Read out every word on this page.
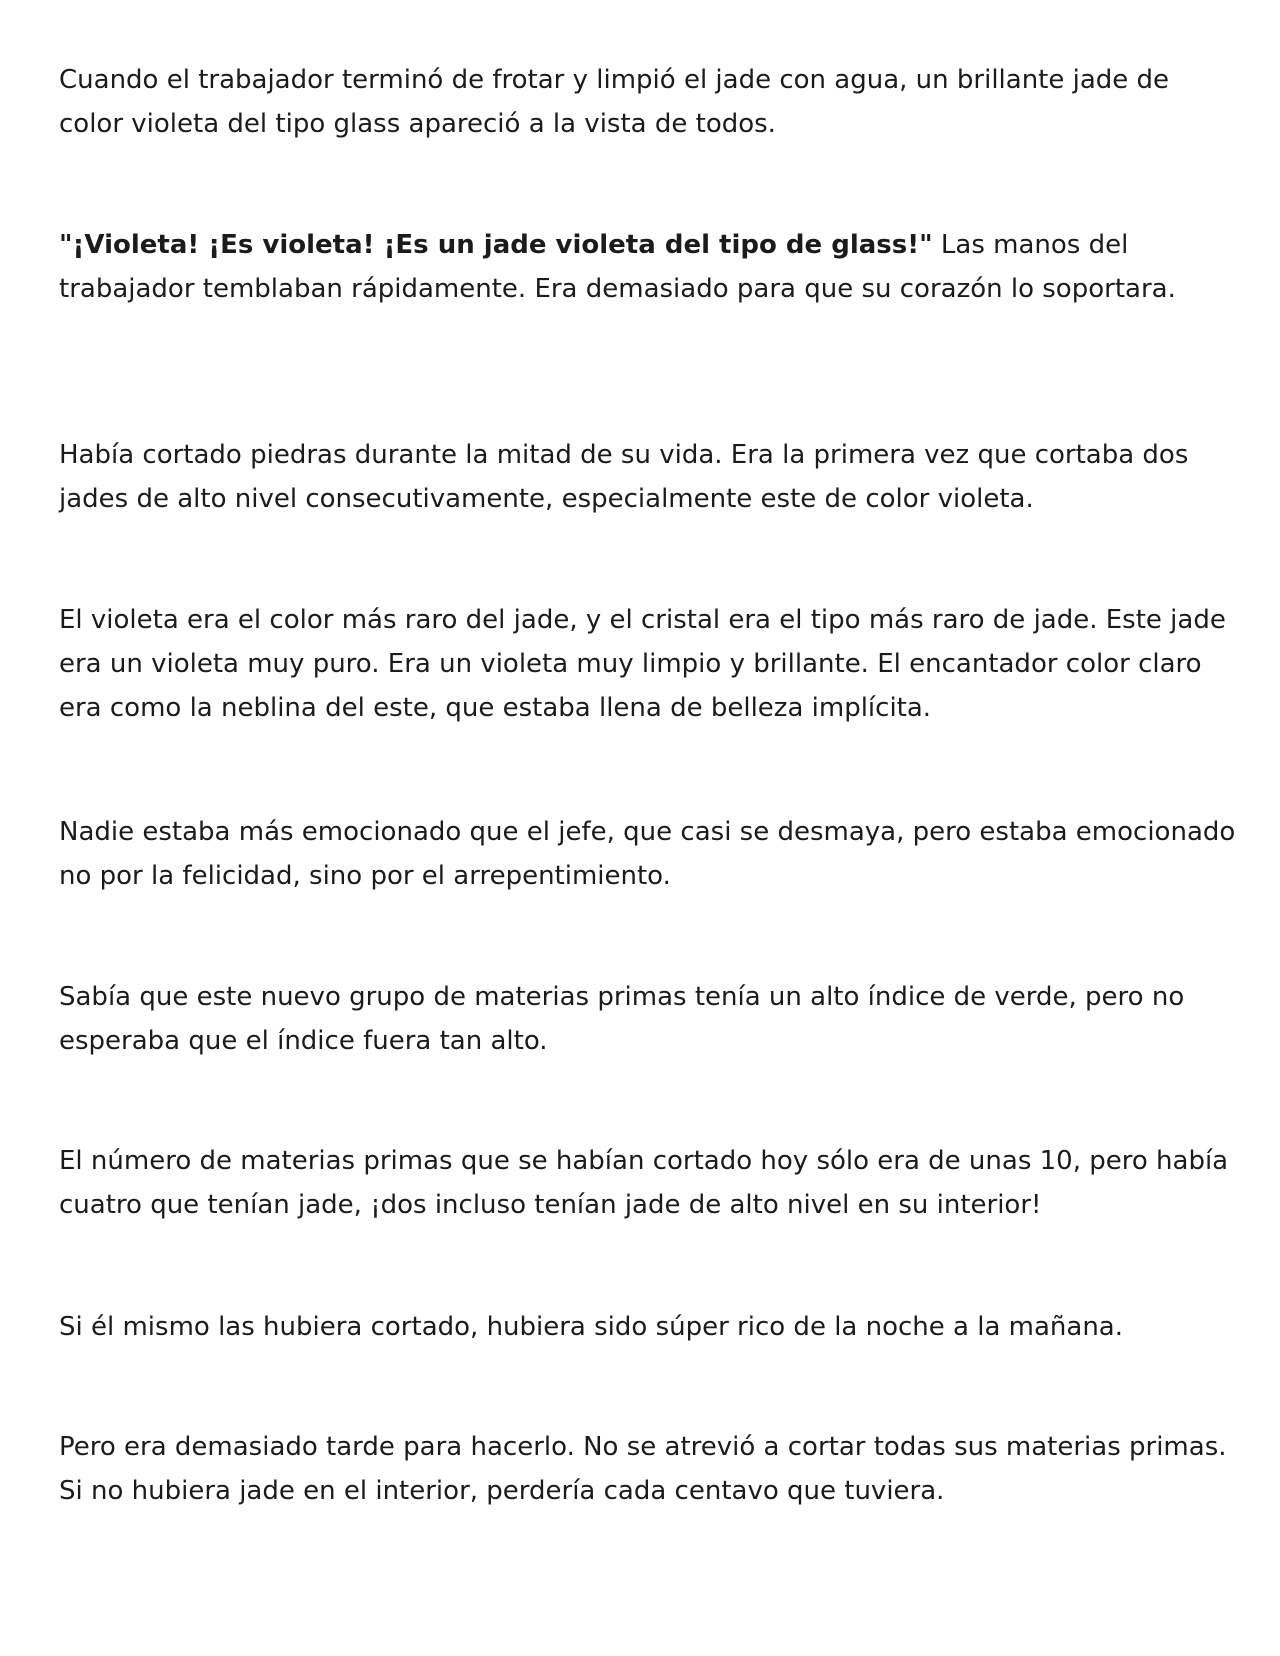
Cuando el trabajador terminó de frotar y limpió el jade con agua, un brillante jade de color violeta del tipo glass apareció a la vista de todos.

"¡Violeta! ¡Es violeta! ¡Es un jade violeta del tipo de glass!" Las manos del trabajador temblaban rápidamente. Era demasiado para que su corazón lo soportara.

Había cortado piedras durante la mitad de su vida. Era la primera vez que cortaba dos jades de alto nivel consecutivamente, especialmente este de color violeta.

El violeta era el color más raro del jade, y el cristal era el tipo más raro de jade. Este jade era un violeta muy puro. Era un violeta muy limpio y brillante. El encantador color claro era como la neblina del este, que estaba llena de belleza implícita.

Nadie estaba más emocionado que el jefe, que casi se desmaya, pero estaba emocionado no por la felicidad, sino por el arrepentimiento.

Sabía que este nuevo grupo de materias primas tenía un alto índice de verde, pero no esperaba que el índice fuera tan alto.

El número de materias primas que se habían cortado hoy sólo era de unas 10, pero había cuatro que tenían jade, ¡dos incluso tenían jade de alto nivel en su interior!

Si él mismo las hubiera cortado, hubiera sido súper rico de la noche a la mañana.

Pero era demasiado tarde para hacerlo. No se atrevió a cortar todas sus materias primas. Si no hubiera jade en el interior, perdería cada centavo que tuviera.
